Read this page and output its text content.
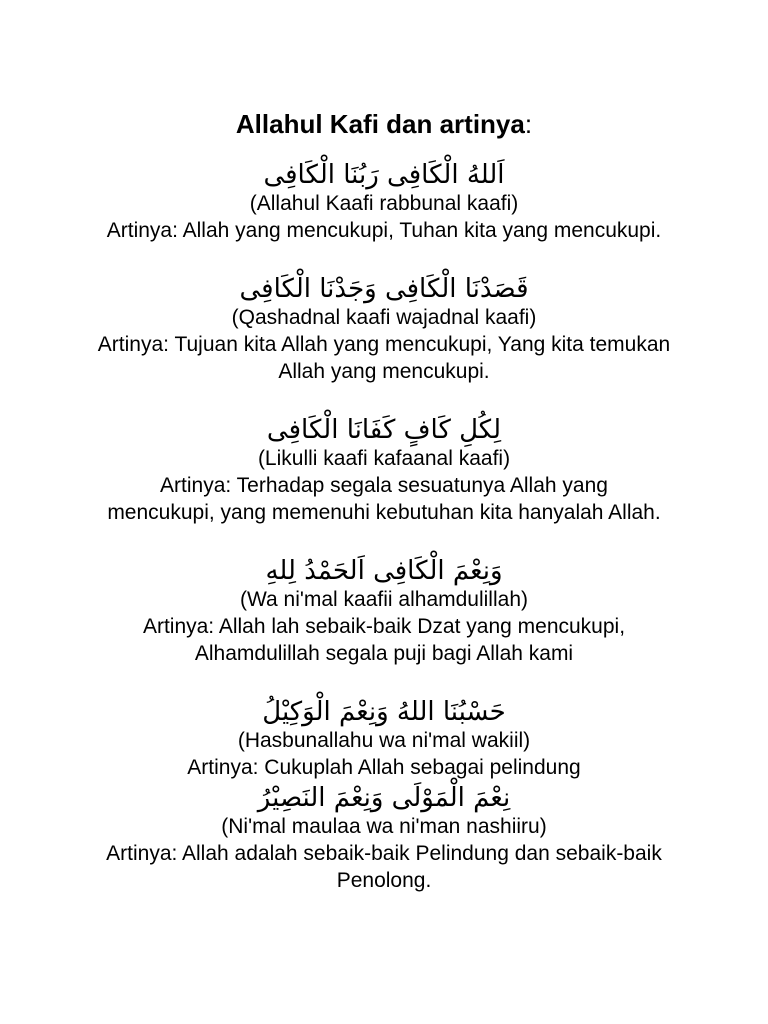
Allahul Kafi dan artinya:
اَللهُ الْكَافِى رَبُنَا الْكَافِى
(Allahul Kaafi rabbunal kaafi)
Artinya: Allah yang mencukupi, Tuhan kita yang mencukupi.
قَصَدْنَا الْكَافِى وَجَدْنَا الْكَافِى
(Qashadnal kaafi wajadnal kaafi)
Artinya: Tujuan kita Allah yang mencukupi, Yang kita temukan Allah yang mencukupi.
لِكُلِ كَافٍ كَفَانَا الْكَافِى
(Likulli kaafi kafaanal kaafi)
Artinya: Terhadap segala sesuatunya Allah yang mencukupi, yang memenuhi kebutuhan kita hanyalah Allah.
وَنِعْمَ الْكَافِى اَلحَمْدُ لِلهِ
(Wa ni'mal kaafii alhamdulillah)
Artinya: Allah lah sebaik-baik Dzat yang mencukupi, Alhamdulillah segala puji bagi Allah kami
حَسْبُنَا اللهُ وَنِعْمَ الْوَكِيْلُ
(Hasbunallahu wa ni'mal wakiil)
Artinya: Cukuplah Allah sebagai pelindung
نِعْمَ الْمَوْلَى وَنِعْمَ النَصِيْرُ
(Ni'mal maulaa wa ni'man nashiiru)
Artinya: Allah adalah sebaik-baik Pelindung dan sebaik-baik Penolong.
